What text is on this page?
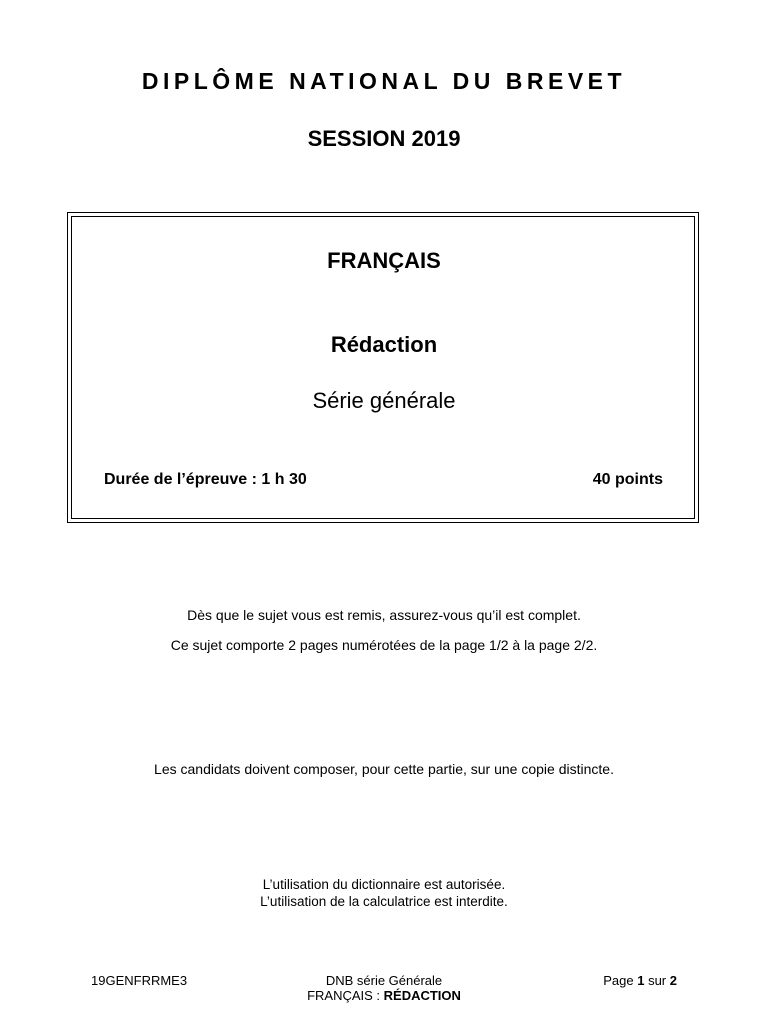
DIPLÔME NATIONAL DU BREVET
SESSION 2019
FRANÇAIS
Rédaction
Série générale
Durée de l’épreuve : 1 h 30	40 points
Dès que le sujet vous est remis, assurez-vous qu’il est complet.
Ce sujet comporte 2 pages numérotées de la page 1/2 à la page 2/2.
Les candidats doivent composer, pour cette partie, sur une copie distincte.
L’utilisation du dictionnaire est autorisée.
L’utilisation de la calculatrice est interdite.
19GENFRRME3	DNB série Générale
FRANÇAIS : RÉDACTION
Page 1 sur 2
